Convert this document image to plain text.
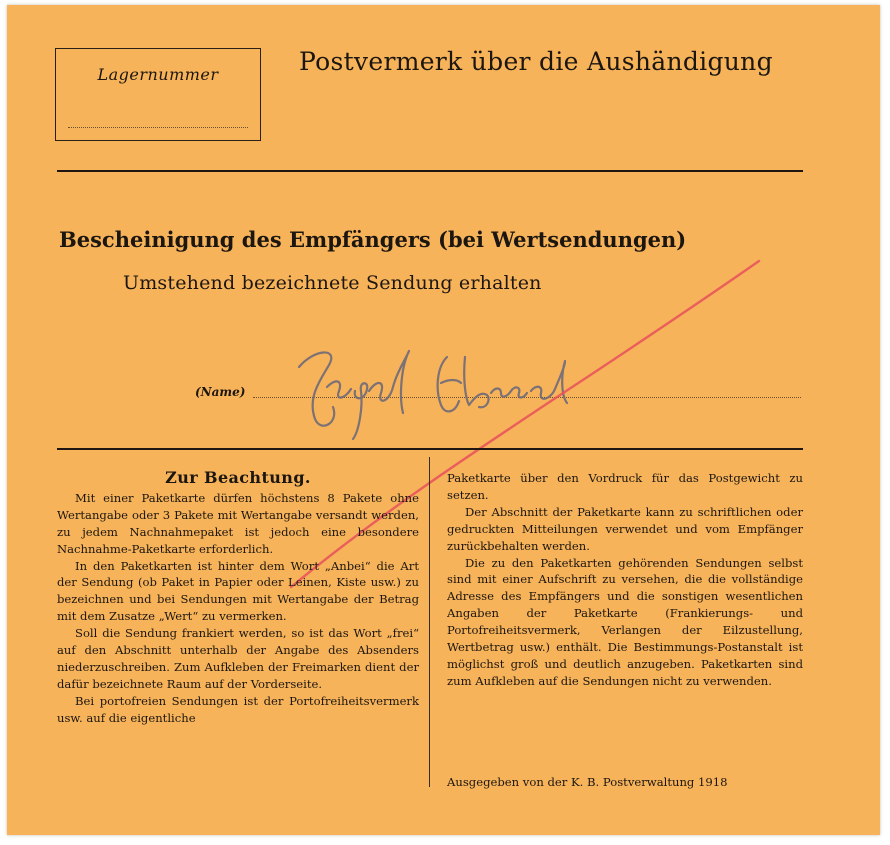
Lagernummer	Postvermerk über die Aushändigung
Bescheinigung des Empfängers (bei Wertsendungen)
Umstehend bezeichnete Sendung erhalten
(Name)
Zur Beachtung.

Mit einer Paketkarte dürfen höchstens 8 Pakete ohne Wertangabe oder 3 Pakete mit Wertangabe versandt werden, zu jedem Nachnahmepaket ist jedoch eine besondere Nachnahme-Paketkarte erforderlich.

In den Paketkarten ist hinter dem Wort „Anbei“ die Art der Sendung (ob Paket in Papier oder Leinen, Kiste usw.) zu bezeichnen und bei Sendungen mit Wertangabe der Betrag mit dem Zusatze „Wert“ zu vermerken.

Soll die Sendung frankiert werden, so ist das Wort „frei“ auf den Abschnitt unterhalb der Angabe des Absenders niederzuschreiben. Zum Aufkleben der Freimarken dient der dafür bezeichnete Raum auf der Vorderseite.

Bei portofreien Sendungen ist der Portofreiheitsvermerk usw. auf die eigentliche

Paketkarte über den Vordruck für das Postgewicht zu setzen.

Der Abschnitt der Paketkarte kann zu schriftlichen oder gedruckten Mitteilungen verwendet und vom Empfänger zurückbehalten werden.

Die zu den Paketkarten gehörenden Sendungen selbst sind mit einer Aufschrift zu versehen, die die vollständige Adresse des Empfängers und die sonstigen wesentlichen Angaben der Paketkarte (Frankierungs- und Portofreiheitsvermerk, Verlangen der Eilzustellung, Wertbetrag usw.) enthält. Die Bestimmungs-Postanstalt ist möglichst groß und deutlich anzugeben. Paketkarten sind zum Aufkleben auf die Sendungen nicht zu verwenden.

Ausgegeben von der K. B. Postverwaltung 1918
